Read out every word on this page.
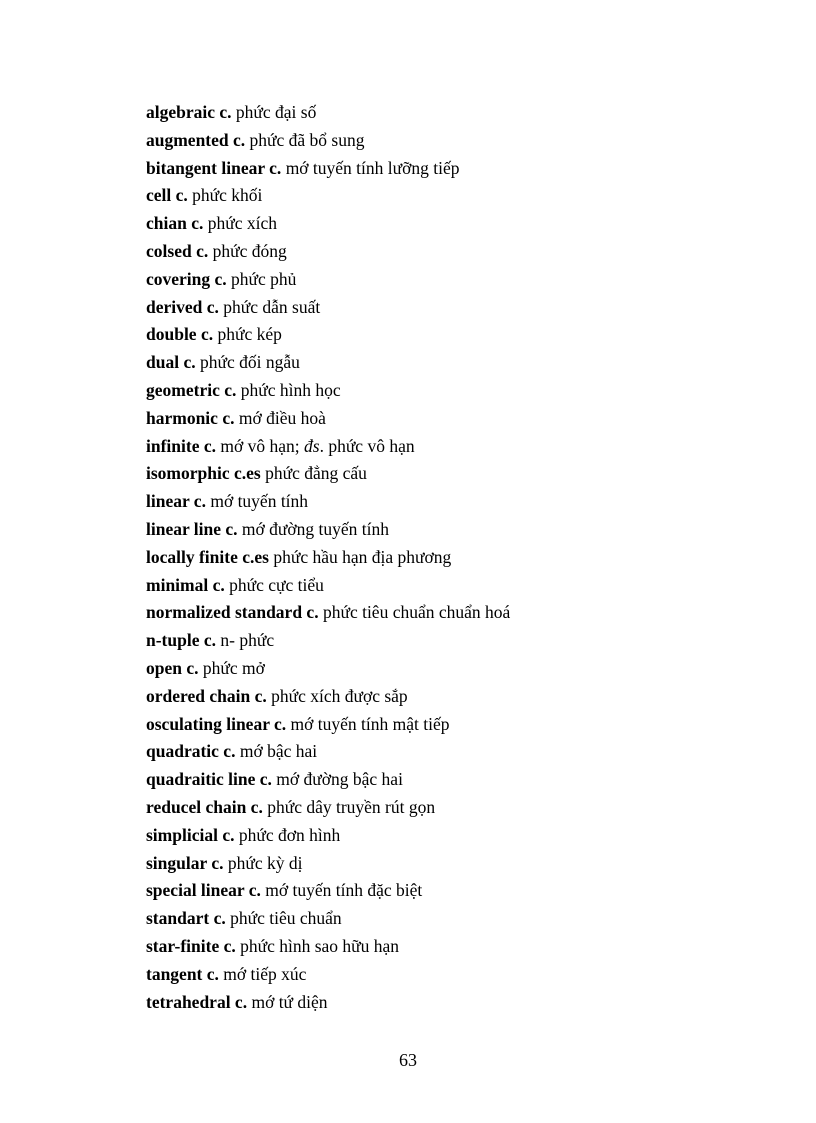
algebraic c. phức đại số
augmented c. phức đã bổ sung
bitangent linear c. mớ tuyến tính lưỡng tiếp
cell c. phức khối
chian c. phức xích
colsed c. phức đóng
covering c. phức phủ
derived c. phức dẫn suất
double c. phức kép
dual c. phức đối ngẫu
geometric c. phức hình học
harmonic c. mớ điều hoà
infinite c. mớ vô hạn; đs. phức vô hạn
isomorphic c.es phức đẳng cấu
linear c. mớ tuyến tính
linear line c. mớ đường tuyến tính
locally finite c.es phức hầu hạn địa phương
minimal c. phức cực tiểu
normalized standard c. phức tiêu chuẩn chuẩn hoá
n-tuple c. n- phức
open c. phức mở
ordered chain c. phức xích được sắp
osculating linear c. mớ tuyến tính mật tiếp
quadratic c. mớ bậc hai
quadraitic line c. mớ đường bậc hai
reducel chain c. phức dây truyền rút gọn
simplicial c. phức đơn hình
singular c. phức kỳ dị
special linear c. mớ tuyến tính đặc biệt
standart c. phức tiêu chuẩn
star-finite c. phức hình sao hữu hạn
tangent c. mớ tiếp xúc
tetrahedral c. mớ tứ diện
63
